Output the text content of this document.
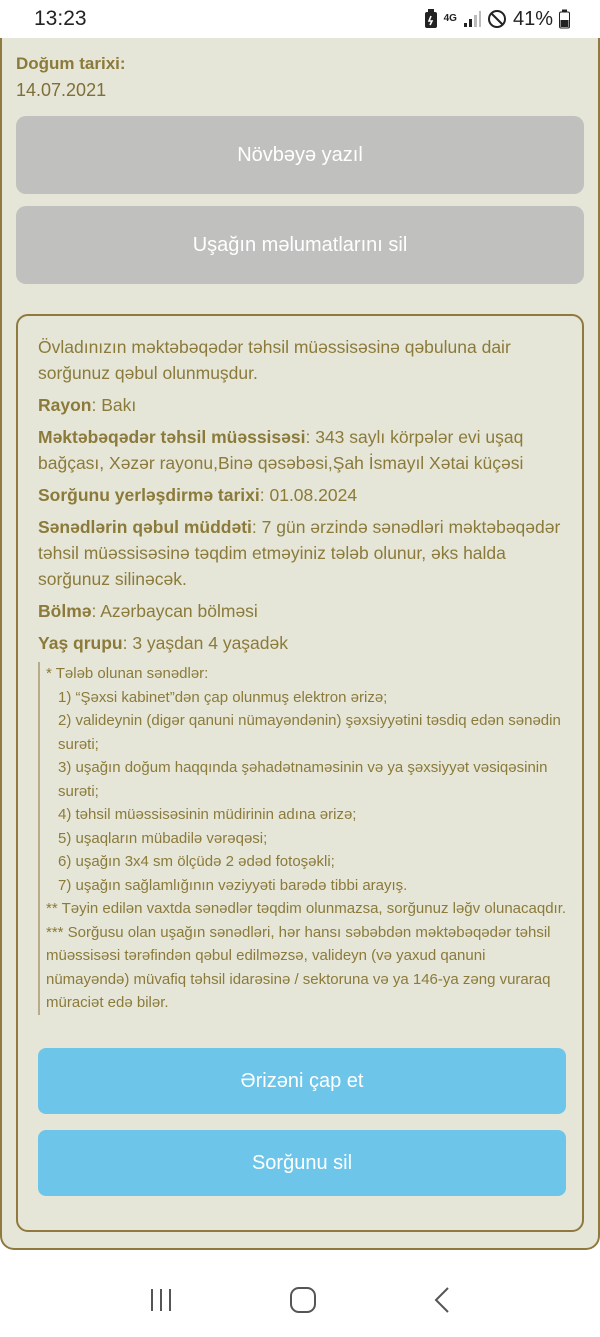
13:23	4G	41%
Doğum tarixi:
14.07.2021
Növbəyə yazıl
Uşağın məlumatlarını sil

Övladınızın məktəbəqədər təhsil müəssisəsinə qəbuluna dair sorğunuz qəbul olunmuşdur.

Rayon: Bakı

Məktəbəqədər təhsil müəssisəsi: 343 saylı körpələr evi uşaq bağçası, Xəzər rayonu,Binə qəsəbəsi,Şah İsmayıl Xətai küçəsi

Sorğunu yerləşdirmə tarixi: 01.08.2024

Sənədlərin qəbul müddəti: 7 gün ərzində sənədləri məktəbəqədər təhsil müəssisəsinə təqdim etməyiniz tələb olunur, əks halda sorğunuz silinəcək.

Bölmə: Azərbaycan bölməsi

Yaş qrupu: 3 yaşdan 4 yaşadək

* Tələb olunan sənədlər:
1) “Şəxsi kabinet”dən çap olunmuş elektron ərizə;
2) valideynin (digər qanuni nümayəndənin) şəxsiyyətini təsdiq edən sənədin surəti;
3) uşağın doğum haqqında şəhadətnaməsinin və ya şəxsiyyət vəsiqəsinin surəti;
4) təhsil müəssisəsinin müdirinin adına ərizə;
5) uşaqların mübadilə vərəqəsi;
6) uşağın 3x4 sm ölçüdə 2 ədəd fotoşəkli;
7) uşağın sağlamlığının vəziyyəti barədə tibbi arayış.
** Təyin edilən vaxtda sənədlər təqdim olunmazsa, sorğunuz ləğv olunacaqdır.
*** Sorğusu olan uşağın sənədləri, hər hansı səbəbdən məktəbəqədər təhsil müəssisəsi tərəfindən qəbul edilməzsə, valideyn (və yaxud qanuni nümayəndə) müvafiq təhsil idarəsinə / sektoruna və ya 146-ya zəng vuraraq müraciət edə bilər.
Ərizəni çap et
Sorğunu sil
